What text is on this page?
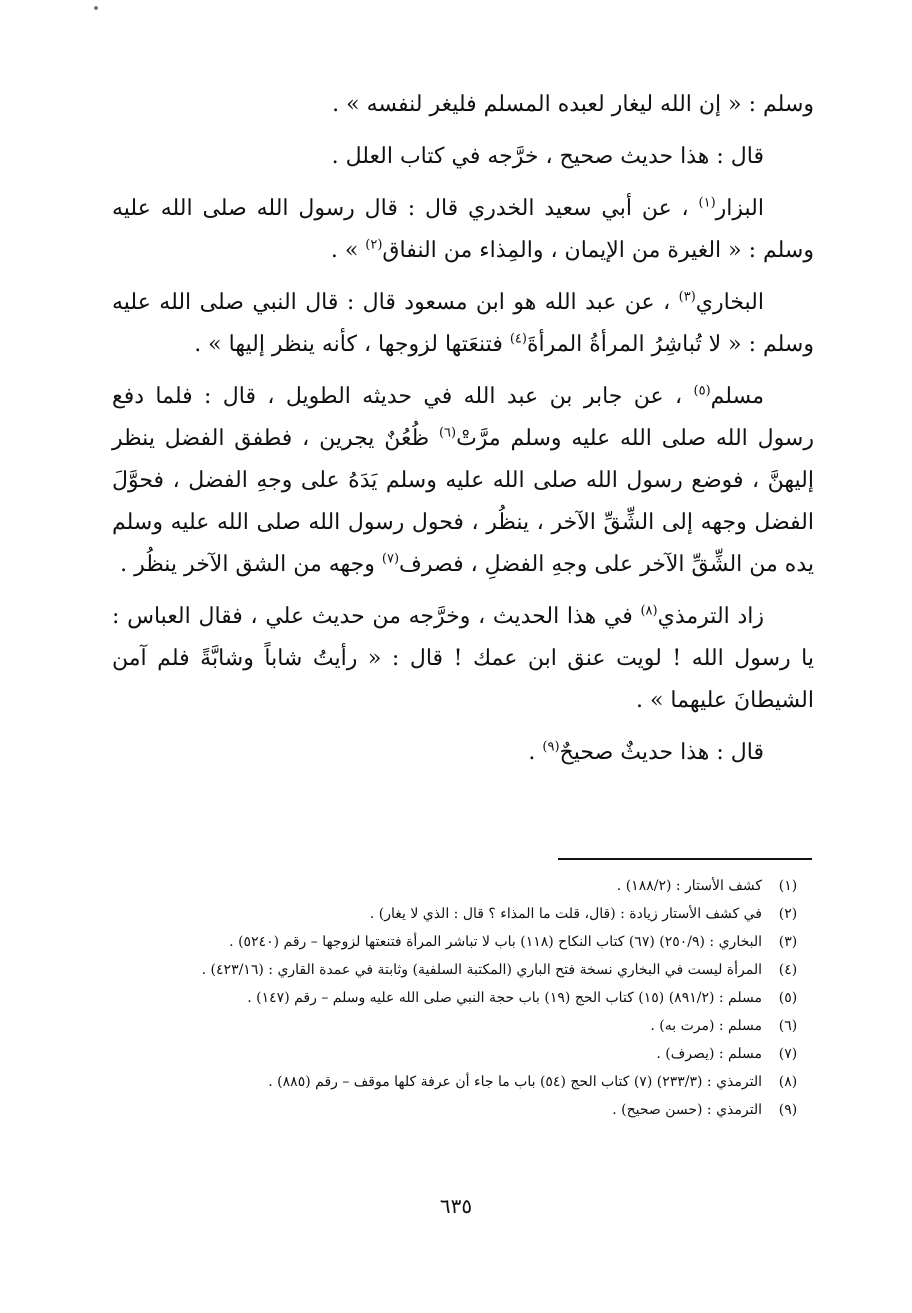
وسلم : « إن الله ليغار لعبده المسلم فليغر لنفسه » .

قال : هذا حديث صحيح ، خرَّجه في كتاب العلل .

البزار$^{(١)}$ ، عن أبي سعيد الخدري قال : قال رسول الله صلى الله عليه وسلم : « الغيرة من الإيمان ، والمِذاء من النفاق$^{(٢)}$ » .

البخاري$^{(٣)}$ ، عن عبد الله هو ابن مسعود قال : قال النبي صلى الله عليه وسلم : « لا تُباشِرُ المرأةُ المرأةَ$^{(٤)}$ فتنعَتها لزوجها ، كأنه ينظر إليها » .

مسلم$^{(٥)}$ ، عن جابر بن عبد الله في حديثه الطويل ، قال : فلما دفع رسول الله صلى الله عليه وسلم مرَّتْ$^{(٦)}$ ظُعُنٌ يجرين ، فطفق الفضل ينظر إليهنَّ ، فوضع رسول الله صلى الله عليه وسلم يَدَهُ على وجهِ الفضل ، فحوَّلَ الفضل وجهه إلى الشِّقِّ الآخر ، ينظُر ، فحول رسول الله صلى الله عليه وسلم يده من الشِّقِّ الآخر على وجهِ الفضلِ ، فصرف$^{(٧)}$ وجهه من الشق الآخر ينظُر .

زاد الترمذي$^{(٨)}$ في هذا الحديث ، وخرَّجه من حديث علي ، فقال العباس : يا رسول الله ! لويت عنق ابن عمك ! قال : « رأيتُ شاباً وشابَّةً فلم آمن الشيطانَ عليهما » .

قال : هذا حديثٌ صحيحٌ$^{(٩)}$ .

(١)
كشف الأستار : (١٨٨/٢) .
(٢)
في كشف الأستار زيادة : (قال، قلت ما المذاء ؟ قال : الذي لا يغار) .
(٣)
البخاري : (٢٥٠/٩) (٦٧) كتاب النكاح (١١٨) باب لا تباشر المرأة فتنعتها لزوجها – رقم (٥٢٤٠) .
(٤)
المرأة ليست في البخاري نسخة فتح الباري (المكتبة السلفية) وثابتة في عمدة القاري : (٤٢٣/١٦) .
(٥)
مسلم : (٨٩١/٢) (١٥) كتاب الحج (١٩) باب حجة النبي صلى الله عليه وسلم – رقم (١٤٧) .
(٦)
مسلم : (مرت به) .
(٧)
مسلم : (يصرف) .
(٨)
الترمذي : (٢٣٣/٣) (٧) كتاب الحج (٥٤) باب ما جاء أن عرفة كلها موقف – رقم (٨٨٥) .
(٩)
الترمذي : (حسن صحيح) .
٦٣٥
